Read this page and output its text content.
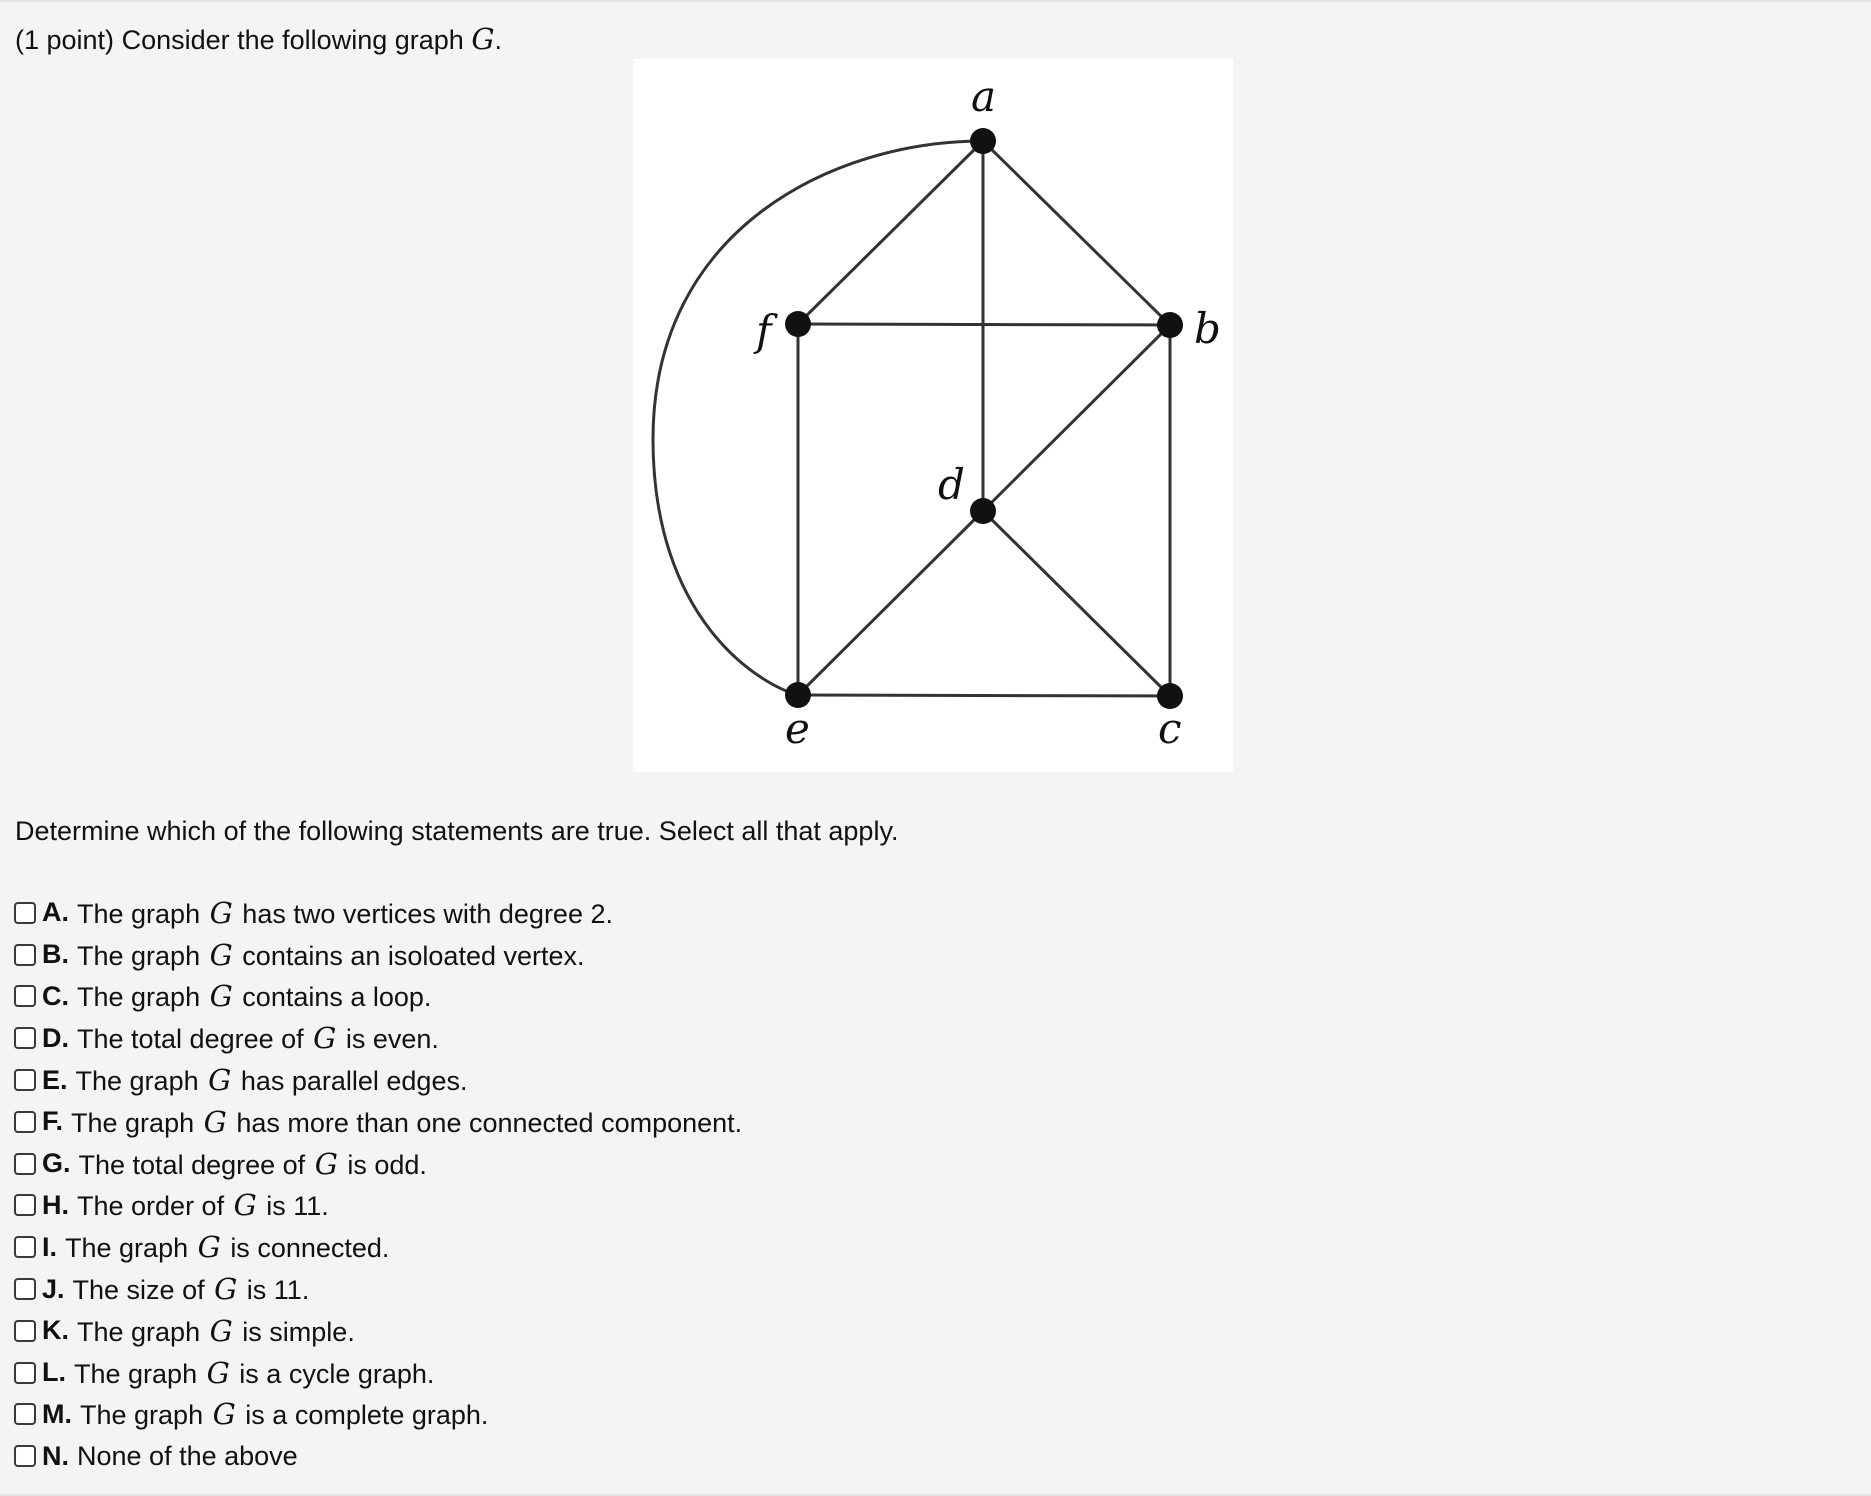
(1 point) Consider the following graph G.
a
b
c
d
e
f
Determine which of the following statements are true. Select all that apply.
A. The graph G has two vertices with degree 2.
B. The graph G contains an isoloated vertex.
C. The graph G contains a loop.
D. The total degree of G is even.
E. The graph G has parallel edges.
F. The graph G has more than one connected component.
G. The total degree of G is odd.
H. The order of G is 11.
I. The graph G is connected.
J. The size of G is 11.
K. The graph G is simple.
L. The graph G is a cycle graph.
M. The graph G is a complete graph.
N. None of the above
